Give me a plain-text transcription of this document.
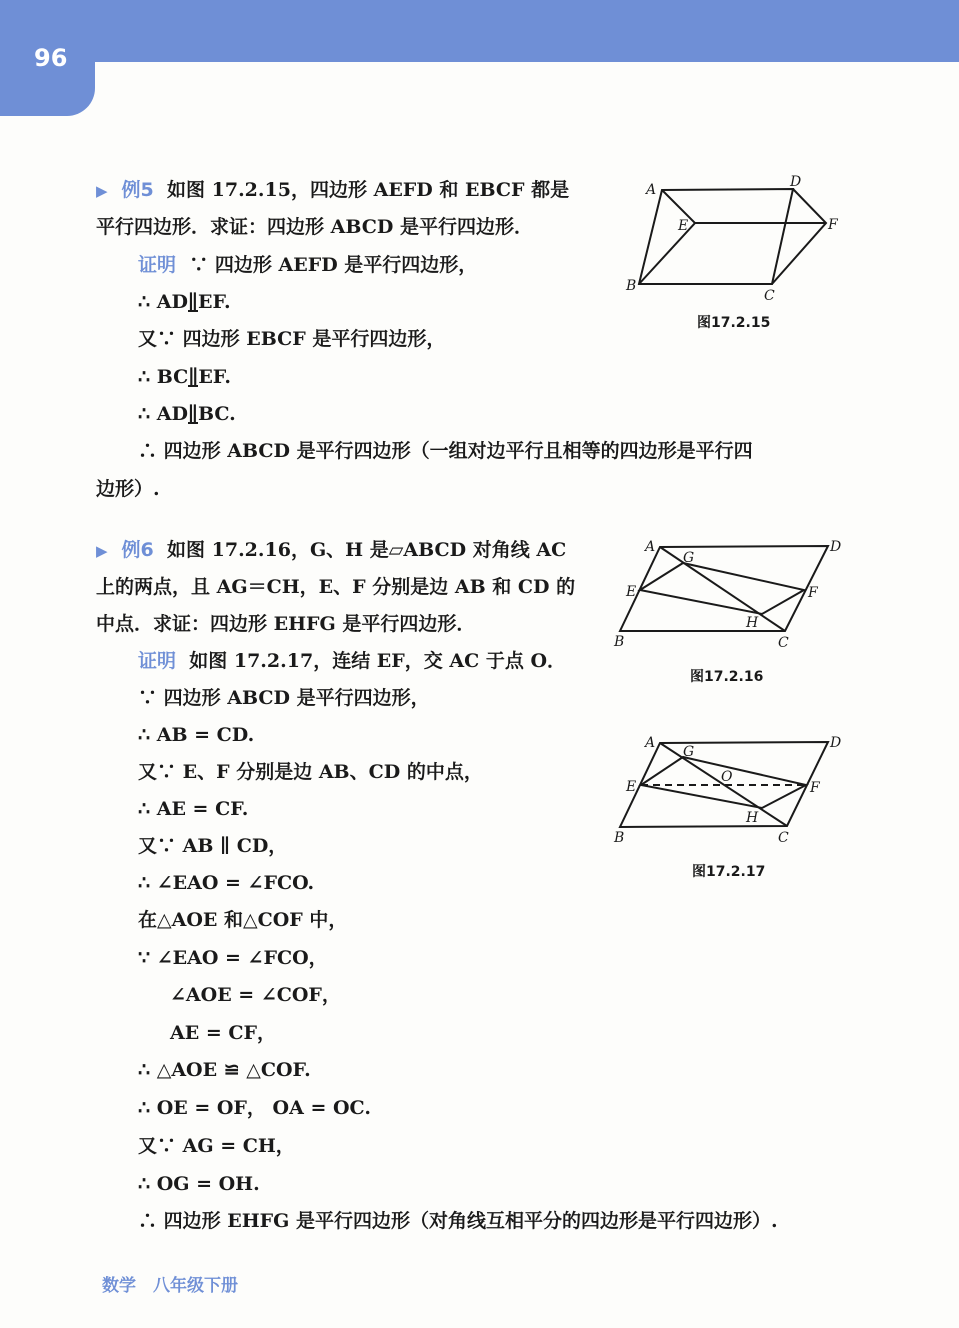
96
▶ 例5 如图 17.2.15，四边形 AEFD 和 EBCF 都是
平行四边形．求证：四边形 ABCD 是平行四边形．
证明 ∵ 四边形 AEFD 是平行四边形，
∴ AD∥EF.
又∵ 四边形 EBCF 是平行四边形，
∴ BC∥EF.
∴ AD∥BC.
∴ 四边形 ABCD 是平行四边形（一组对边平行且相等的四边形是平行四
边形）.
▶ 例6 如图 17.2.16，G、H 是▱ABCD 对角线 AC
上的两点，且 AG＝CH，E、F 分别是边 AB 和 CD 的
中点．求证：四边形 EHFG 是平行四边形．
证明 如图 17.2.17，连结 EF，交 AC 于点 O．
∵ 四边形 ABCD 是平行四边形，
∴ AB = CD.
又∵ E、F 分别是边 AB、CD 的中点，
∴ AE = CF.
又∵ AB ∥ CD，
∴ ∠EAO = ∠FCO.
在△AOE 和△COF 中，
∵ ∠EAO = ∠FCO，
∠AOE = ∠COF，
AE = CF，
∴ △AOE ≌ △COF.
∴ OE = OF， OA = OC.
又∵ AG = CH，
∴ OG = OH.
∴ 四边形 EHFG 是平行四边形（对角线互相平分的四边形是平行四边形）.
A	D
E	F
B
C
A
G
D
E	F
H
B	C
A
G
D
O
E	F
H
B	C
图17.2.15
图17.2.16
图17.2.17
数学　八年级下册
